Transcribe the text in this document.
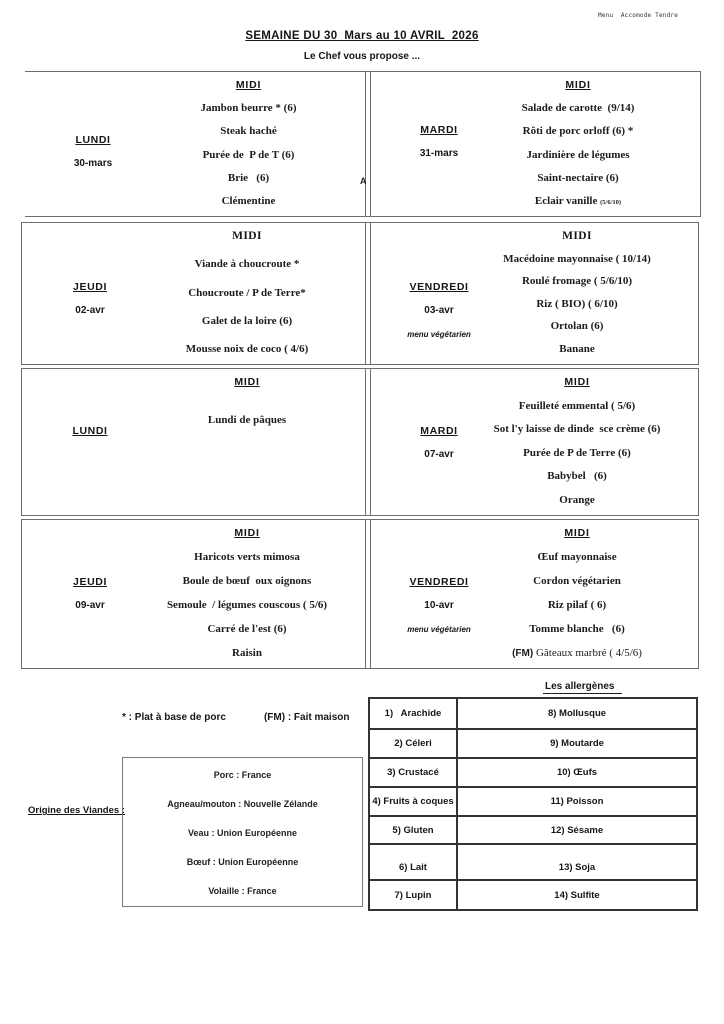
Menu  Accomode Tendre
SEMAINE DU 30  Mars au 10 AVRIL  2026
Le Chef vous propose ...
LUNDI
30-mars
MIDI
Jambon beurre * (6)
Steak haché
Purée de  P de T (6)
Brie   (6)
Clémentine
MARDI
31-mars
MIDI
Salade de carotte  (9/14)
Rôti de porc orloff (6) *
Jardinière de légumes
Saint-nectaire (6)
Eclair vanille (5/6/10)
A
JEUDI
02-avr
MIDI
Viande à choucroute *
Choucroute / P de Terre*
Galet de la loire (6)
Mousse noix de coco ( 4/6)
VENDREDI
03-avr
menu végétarien
MIDI
Macédoine mayonnaise ( 10/14)
Roulé fromage ( 5/6/10)
Riz ( BIO) ( 6/10)
Ortolan (6)
Banane
LUNDI
MIDI
Lundi de pâques
MARDI
07-avr
MIDI
Feuilleté emmental ( 5/6)
Sot l'y laisse de dinde  sce crème (6)
Purée de P de Terre (6)
Babybel   (6)
Orange
JEUDI
09-avr
MIDI
Haricots verts mimosa
Boule de bœuf  oux oignons
Semoule  / légumes couscous ( 5/6)
Carré de l'est (6)
Raisin
VENDREDI
10-avr
menu végétarien
MIDI
Œuf mayonnaise
Cordon végétarien
Riz pilaf ( 6)
Tomme blanche   (6)
(FM) Gâteaux marbré ( 4/5/6)
Les allergènes
1)   Arachide	8) Mollusque
2) Céleri	9) Moutarde
3) Crustacé	10) Œufs
4) Fruits à coques	11) Poisson
5) Gluten	12) Sésame
6) Lait	13) Soja
7) Lupin	14) Sulfite
* : Plat à base de porc	(FM) : Fait maison
Origine des Viandes :
Porc : France
Agneau/mouton : Nouvelle Zélande
Veau : Union Européenne
Bœuf : Union Européenne
Volaille : France
